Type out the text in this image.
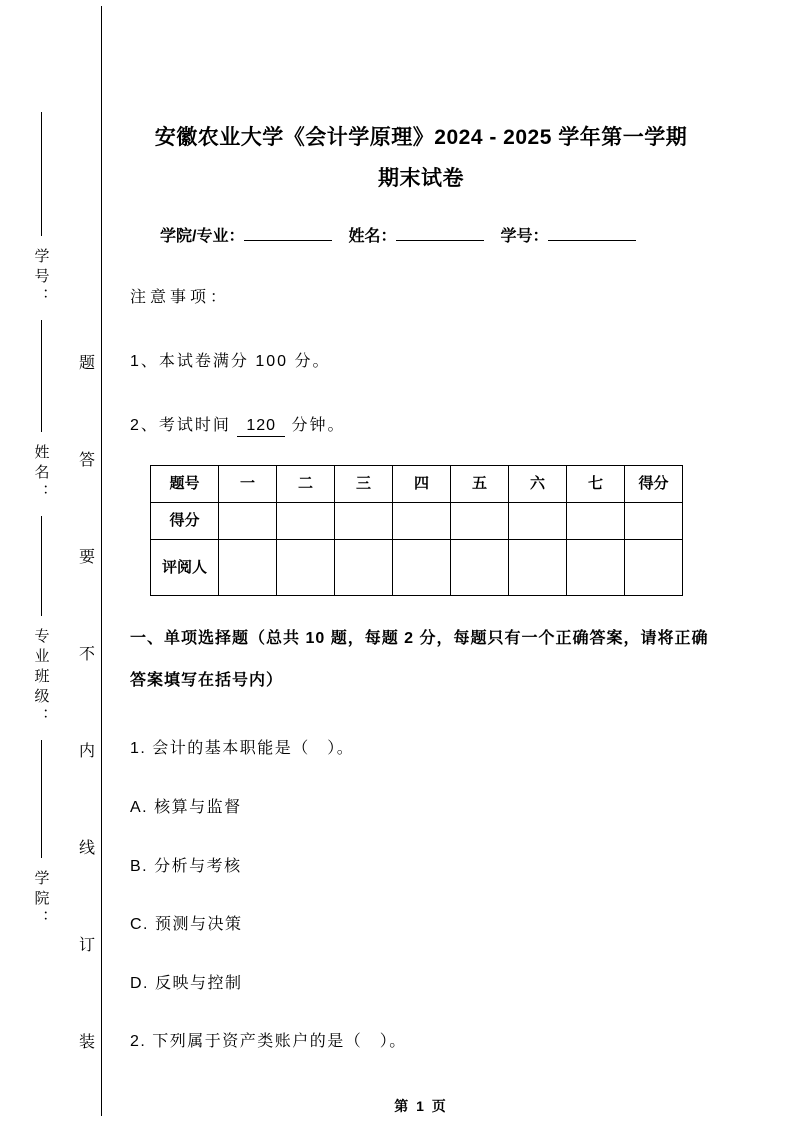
学号：
姓名：
专业班级：
学院：
题
答
要
不
内
线
订
装
安徽农业大学《会计学原理》2024 - 2025 学年第一学期期末试卷
学院/专业：	姓名：	学号：
注意事项：
1、本试卷满分 100 分。
2、考试时间 120 分钟。
题号	一	二	三	四	五	六	七	得分
得分								
评阅人								
一、单项选择题（总共 10 题，每题 2 分，每题只有一个正确答案，请将正确答案填写在括号内）
1. 会计的基本职能是（　）。
A. 核算与监督
B. 分析与考核
C. 预测与决策
D. 反映与控制
2. 下列属于资产类账户的是（　）。
第 1 页
